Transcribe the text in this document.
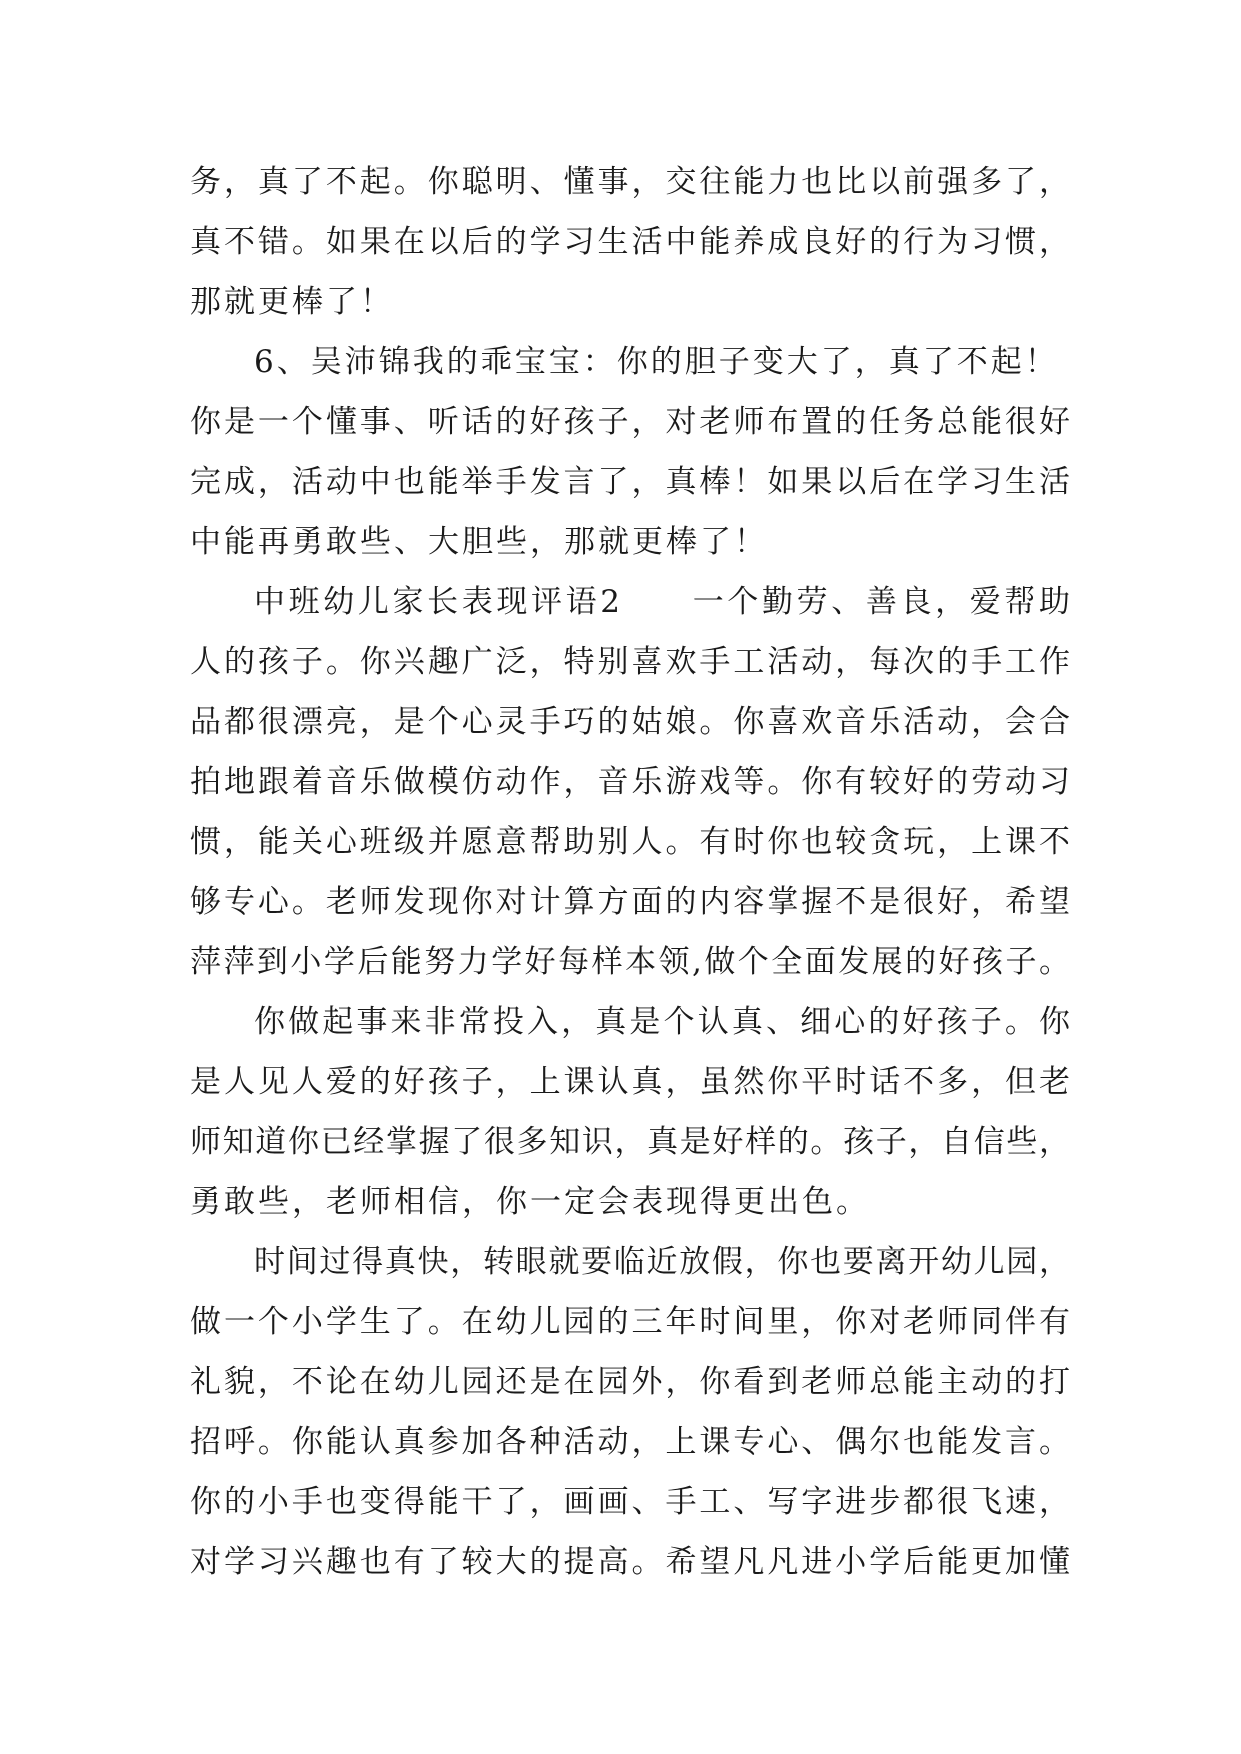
务，真了不起。你聪明、懂事，交往能力也比以前强多了，
真不错。如果在以后的学习生活中能养成良好的行为习惯，
那就更棒了！
6、吴沛锦我的乖宝宝：你的胆子变大了，真了不起！
你是一个懂事、听话的好孩子，对老师布置的任务总能很好
完成，活动中也能举手发言了，真棒！如果以后在学习生活
中能再勇敢些、大胆些，那就更棒了！
中班幼儿家长表现评语2　　一个勤劳、善良，爱帮助
人的孩子。你兴趣广泛，特别喜欢手工活动，每次的手工作
品都很漂亮，是个心灵手巧的姑娘。你喜欢音乐活动，会合
拍地跟着音乐做模仿动作，音乐游戏等。你有较好的劳动习
惯，能关心班级并愿意帮助别人。有时你也较贪玩，上课不
够专心。老师发现你对计算方面的内容掌握不是很好，希望
萍萍到小学后能努力学好每样本领,做个全面发展的好孩子。
你做起事来非常投入，真是个认真、细心的好孩子。你
是人见人爱的好孩子，上课认真，虽然你平时话不多，但老
师知道你已经掌握了很多知识，真是好样的。孩子，自信些，
勇敢些，老师相信，你一定会表现得更出色。
时间过得真快，转眼就要临近放假，你也要离开幼儿园，
做一个小学生了。在幼儿园的三年时间里，你对老师同伴有
礼貌，不论在幼儿园还是在园外，你看到老师总能主动的打
招呼。你能认真参加各种活动，上课专心、偶尔也能发言。
你的小手也变得能干了，画画、手工、写字进步都很飞速，
对学习兴趣也有了较大的提高。希望凡凡进小学后能更加懂
